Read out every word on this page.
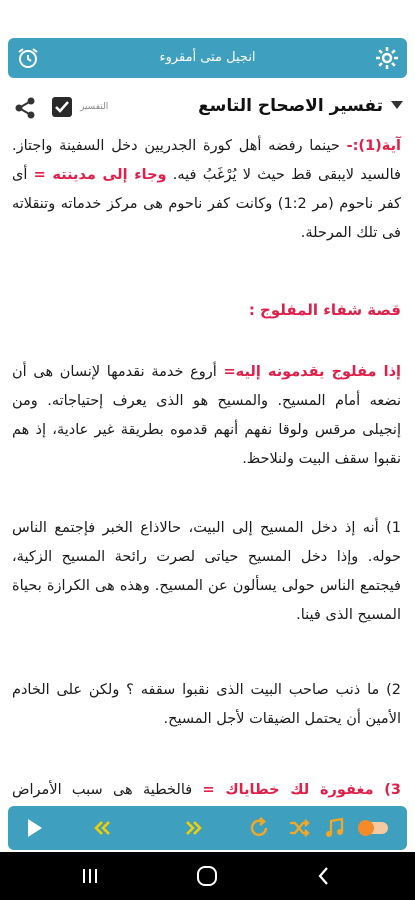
انجيل متى أمقروء
تفسير الاصحاح التاسع
التفسير
آية(1):- حينما رفضه أهل كورة الجدريين دخل السفينة واجتاز. فالسيد لايبقى قط حيث لا يُرْغَبُ فيه. وجاء إلى مدينته = أى كفر ناحوم (مر 1:2) وكانت كفر ناحوم هى مركز خدماته وتنقلاته فى تلك المرحلة.
قصة شفاء المفلوج :
إذا مفلوج يقدمونه إليه= أروع خدمة نقدمها لإنسان هى أن نضعه أمام المسيح. والمسيح هو الذى يعرف إحتياجاته. ومن إنجيلى مرقس ولوقا نفهم أنهم قدموه بطريقة غير عادية، إذ هم نقبوا سقف البيت ولنلاحظ.
1) أنه إذ دخل المسيح إلى البيت، حالاذاع الخبر فإجتمع الناس حوله. وإذا دخل المسيح حياتى لصرت رائحة المسيح الزكية، فيجتمع الناس حولى يسألون عن المسيح. وهذه هى الكرازة بحياة المسيح الذى فينا.
2) ما ذنب صاحب البيت الذى نقبوا سقفه ؟ ولكن على الخادم الأمين أن يحتمل الضيقات لأجل المسيح.
3) مغفورة لك خطاياك = فالخطية هى سبب الأمراض
